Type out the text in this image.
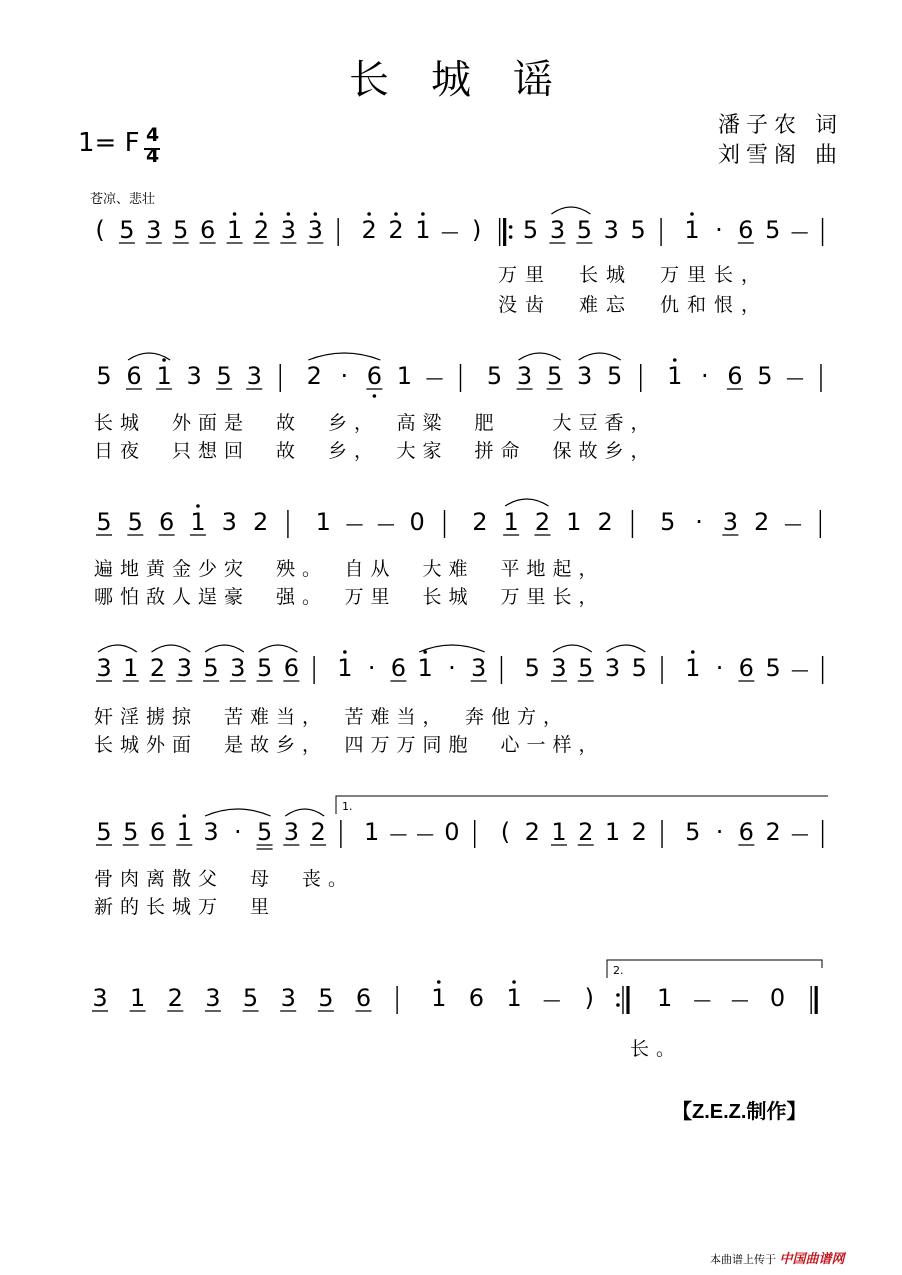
长城谣
潘子农 词
刘雪阁 曲
1= F 4
4
苍凉、悲壮
( 5 3 5 6 1 2 3 3 2 2 1 — ) 5 3 5 3 5 1 · 6 5 —
5 6 1 3 5 3 2 · 6 1 — 5 3 5 3 5 1 · 6 5 —
5 5 6 1 3 2 1 — — 0 2 1 2 1 2 5 · 3 2 —
3 1 2 3 5 3 5 6 1 · 6 1 · 3 5 3 5 3 5 1 · 6 5 —
5 5 6 1 3 · 5 3 2 1 — — 0 ( 2 1 2 1 2 5 · 6 2 —
1.
3 1 2 3 5 3 5 6	1 6 1 — )	1 — — 0
2.
万里　长城　万里长，
没齿　难忘　仇和恨，
长城　外面是　故　乡，　高粱　肥　　大豆香，
日夜　只想回　故　乡，　大家　拼命　保故乡，
遍地黄金少灾　殃。　自从　大难　平地起，
哪怕敌人逞豪　强。　万里　长城　万里长，
奸淫掳掠　苦难当，　苦难当，　奔他方，
长城外面　是故乡，　四万万同胞　心一样，
骨肉离散父　母　丧。
新的长城万　里
长。
【Z.E.Z.制作】
本曲谱上传于 中国曲谱网
